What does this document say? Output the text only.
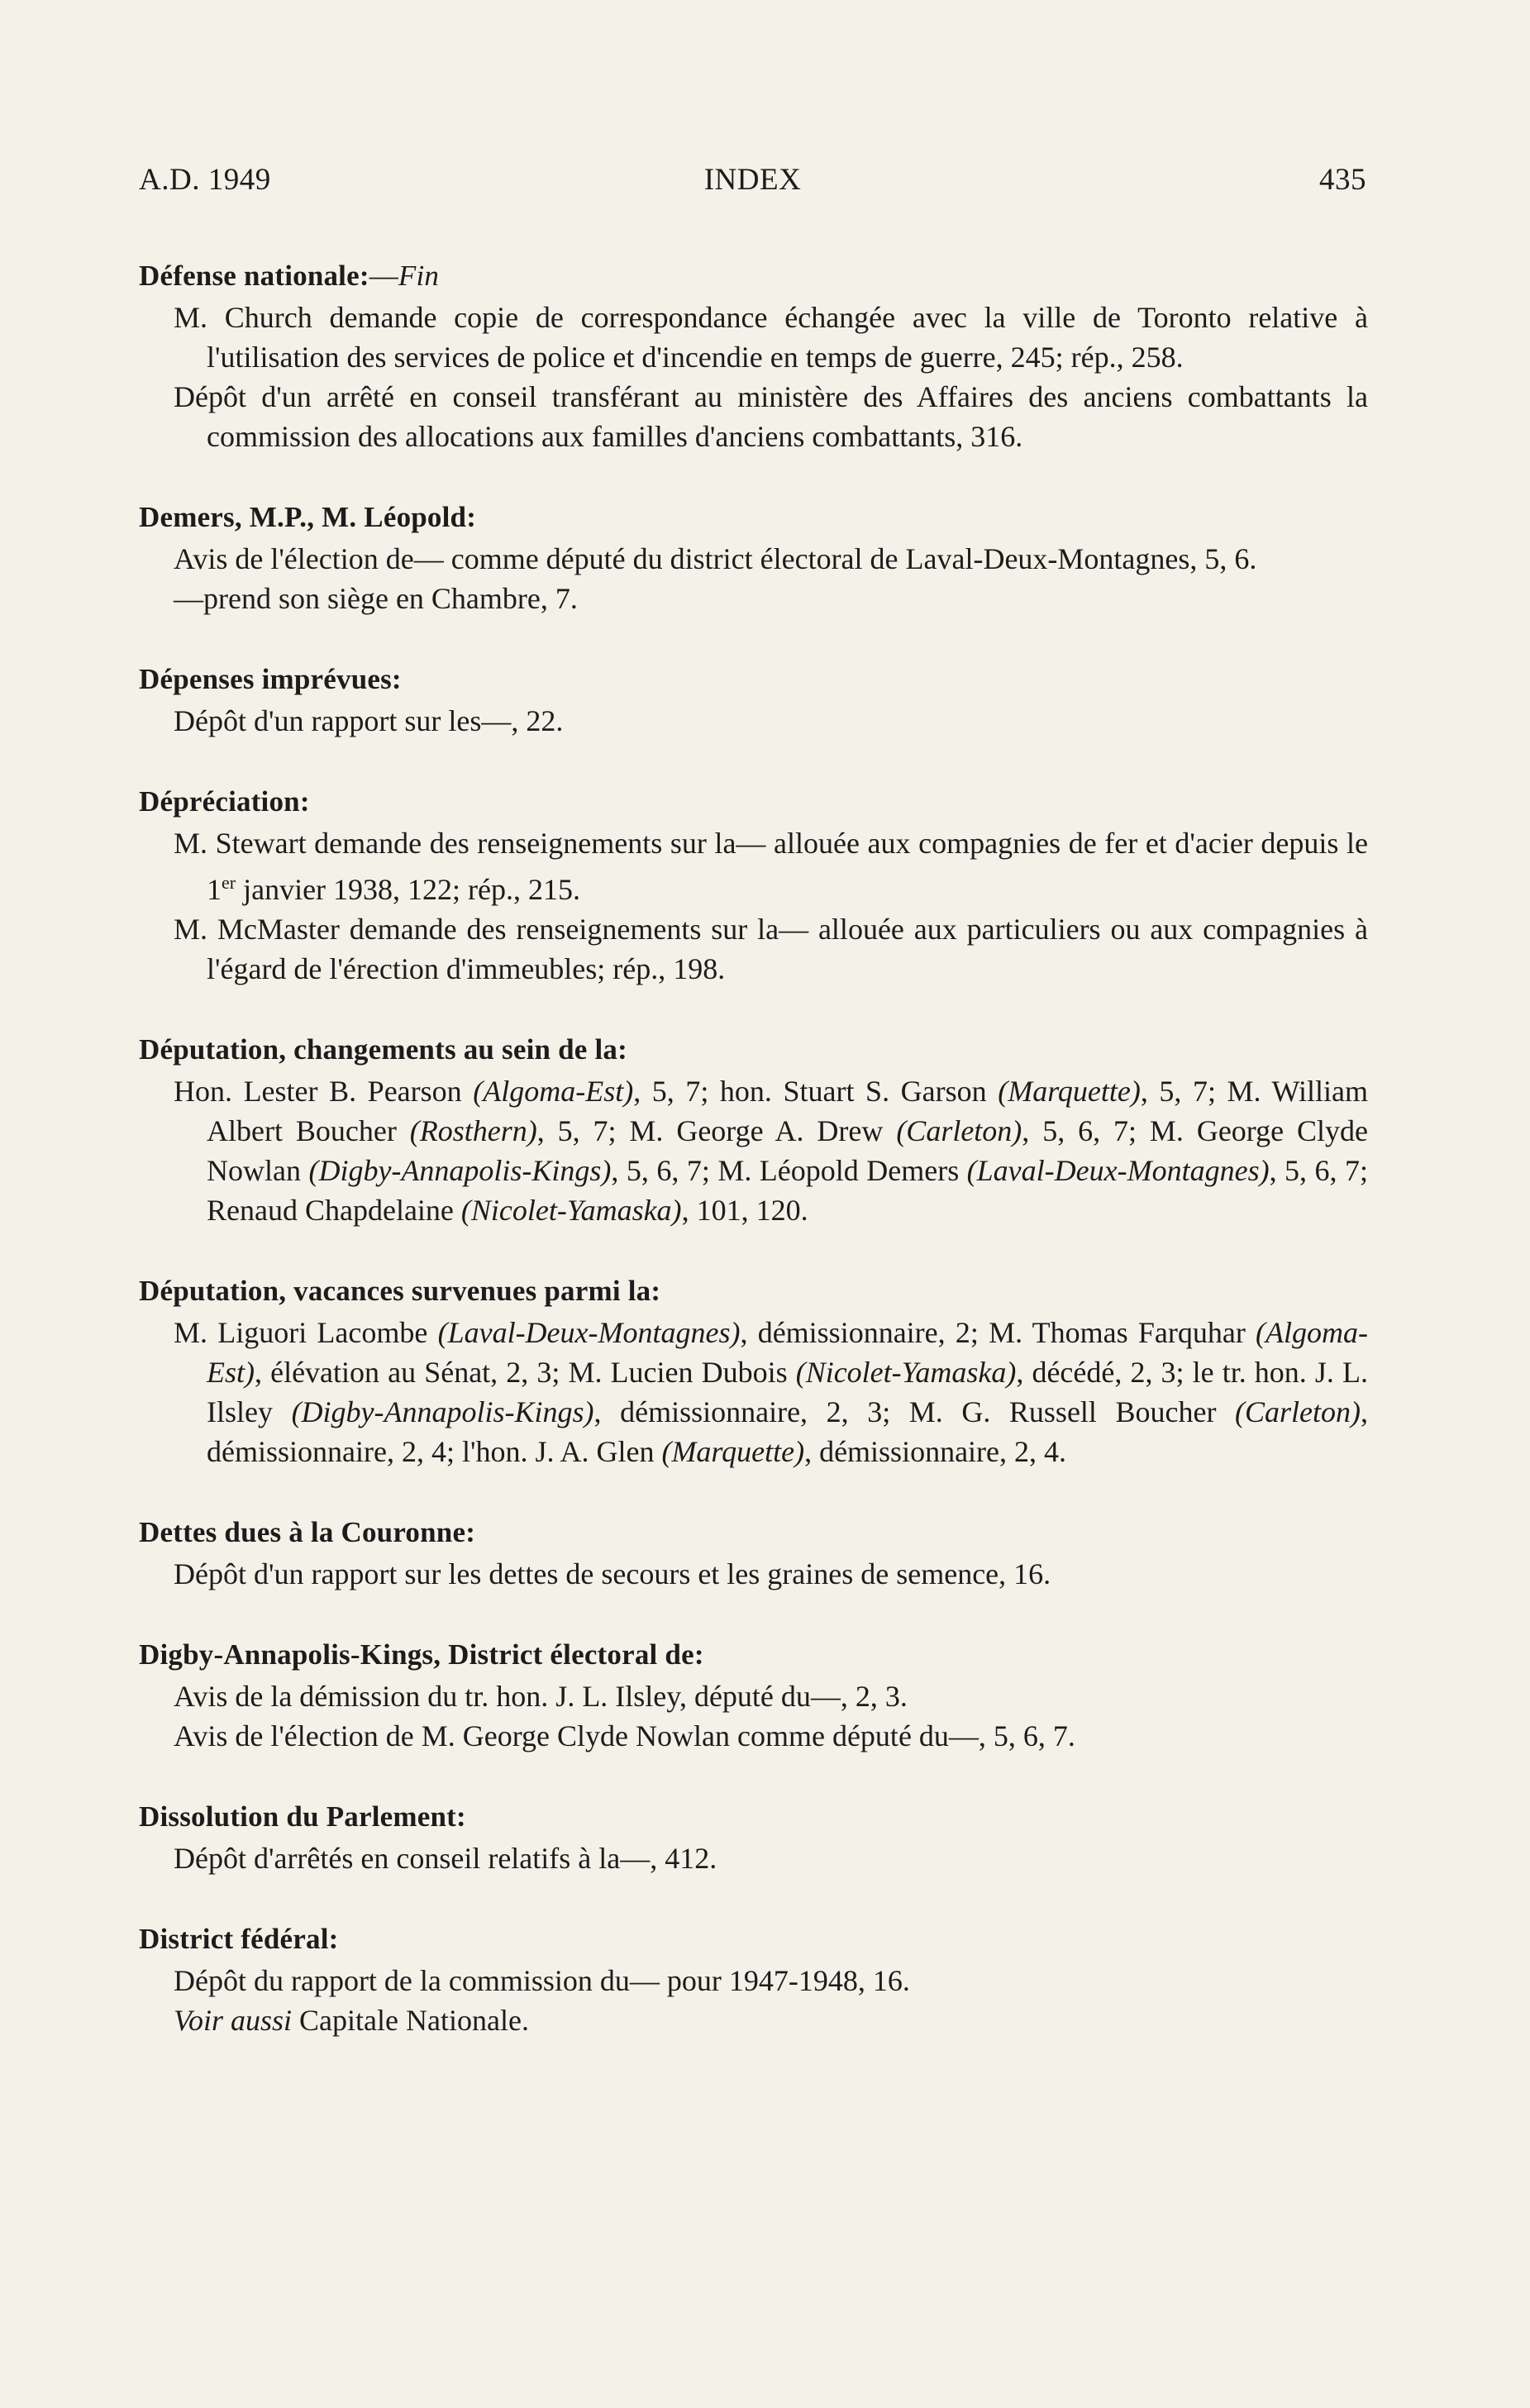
A.D. 1949	INDEX	435
Défense nationale:—Fin
M. Church demande copie de correspondance échangée avec la ville de Toronto relative à l'utilisation des services de police et d'incendie en temps de guerre, 245; rép., 258.
Dépôt d'un arrêté en conseil transférant au ministère des Affaires des anciens combattants la commission des allocations aux familles d'anciens combattants, 316.
Demers, M.P., M. Léopold:
Avis de l'élection de— comme député du district électoral de Laval-Deux-Montagnes, 5, 6.
—prend son siège en Chambre, 7.
Dépenses imprévues:
Dépôt d'un rapport sur les—, 22.
Dépréciation:
M. Stewart demande des renseignements sur la— allouée aux compagnies de fer et d'acier depuis le 1er janvier 1938, 122; rép., 215.
M. McMaster demande des renseignements sur la— allouée aux particuliers ou aux compagnies à l'égard de l'érection d'immeubles; rép., 198.
Députation, changements au sein de la:
Hon. Lester B. Pearson (Algoma-Est), 5, 7; hon. Stuart S. Garson (Marquette), 5, 7; M. William Albert Boucher (Rosthern), 5, 7; M. George A. Drew (Carleton), 5, 6, 7; M. George Clyde Nowlan (Digby-Annapolis-Kings), 5, 6, 7; M. Léopold Demers (Laval-Deux-Montagnes), 5, 6, 7; Renaud Chapdelaine (Nicolet-Yamaska), 101, 120.
Députation, vacances survenues parmi la:
M. Liguori Lacombe (Laval-Deux-Montagnes), démissionnaire, 2; M. Thomas Farquhar (Algoma-Est), élévation au Sénat, 2, 3; M. Lucien Dubois (Nicolet-Yamaska), décédé, 2, 3; le tr. hon. J. L. Ilsley (Digby-Annapolis-Kings), démissionnaire, 2, 3; M. G. Russell Boucher (Carleton), démissionnaire, 2, 4; l'hon. J. A. Glen (Marquette), démissionnaire, 2, 4.
Dettes dues à la Couronne:
Dépôt d'un rapport sur les dettes de secours et les graines de semence, 16.
Digby-Annapolis-Kings, District électoral de:
Avis de la démission du tr. hon. J. L. Ilsley, député du—, 2, 3.
Avis de l'élection de M. George Clyde Nowlan comme député du—, 5, 6, 7.
Dissolution du Parlement:
Dépôt d'arrêtés en conseil relatifs à la—, 412.
District fédéral:
Dépôt du rapport de la commission du— pour 1947-1948, 16.
Voir aussi Capitale Nationale.
